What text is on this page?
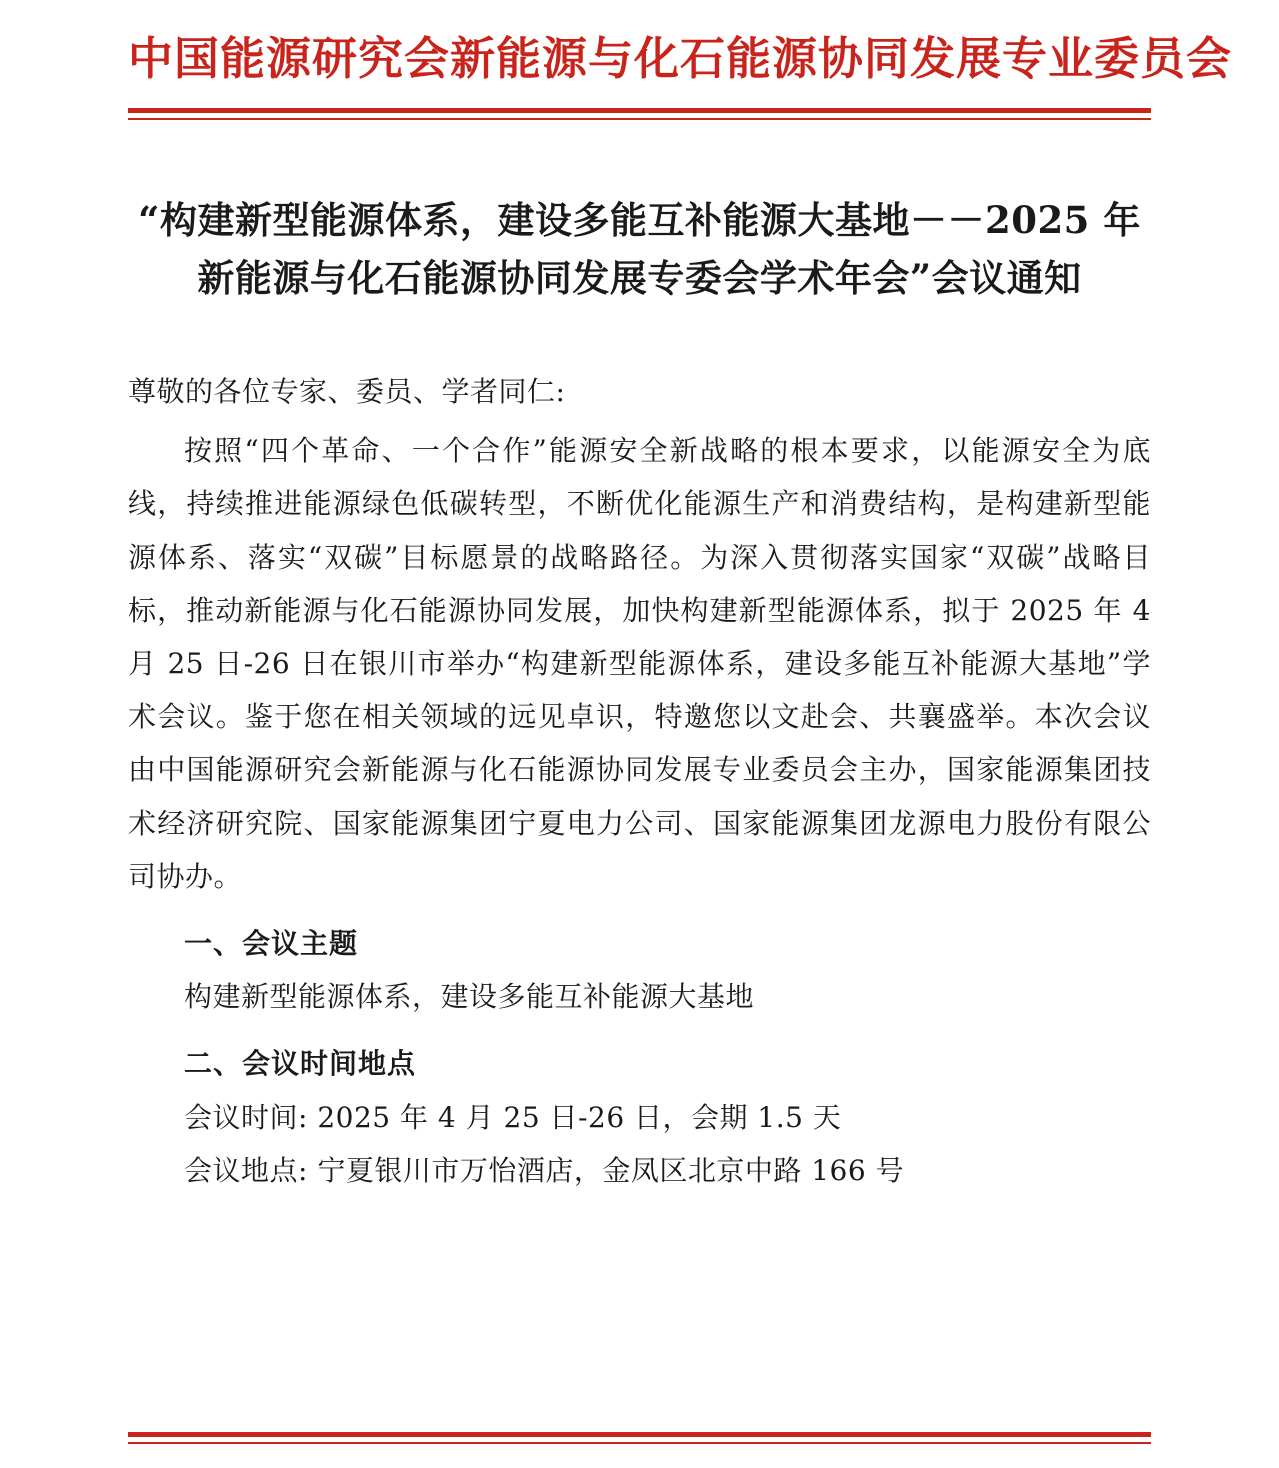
中国能源研究会新能源与化石能源协同发展专业委员会
“构建新型能源体系，建设多能互补能源大基地－－2025 年新能源与化石能源协同发展专委会学术年会”会议通知
尊敬的各位专家、委员、学者同仁:
按照“四个革命、一个合作”能源安全新战略的根本要求，以能源安全为底线，持续推进能源绿色低碳转型，不断优化能源生产和消费结构，是构建新型能源体系、落实“双碳”目标愿景的战略路径。为深入贯彻落实国家“双碳”战略目标，推动新能源与化石能源协同发展，加快构建新型能源体系，拟于 2025 年 4 月 25 日-26 日在银川市举办“构建新型能源体系，建设多能互补能源大基地”学术会议。鉴于您在相关领域的远见卓识，特邀您以文赴会、共襄盛举。本次会议由中国能源研究会新能源与化石能源协同发展专业委员会主办，国家能源集团技术经济研究院、国家能源集团宁夏电力公司、国家能源集团龙源电力股份有限公司协办。
一、会议主题
构建新型能源体系，建设多能互补能源大基地
二、会议时间地点
会议时间: 2025 年 4 月 25 日-26 日，会期 1.5 天
会议地点: 宁夏银川市万怡酒店，金凤区北京中路 166 号
